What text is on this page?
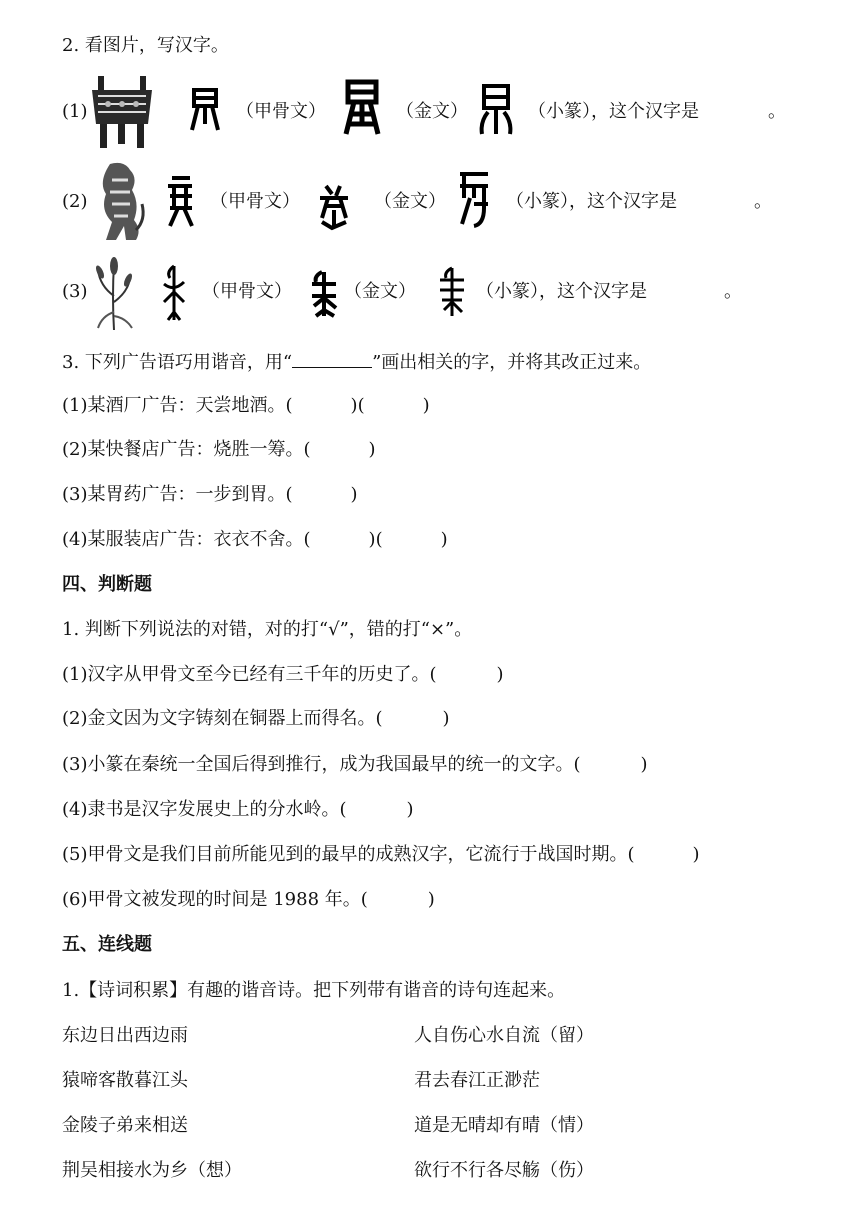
2. 看图片，写汉字。
(1)	（甲骨文）	（金文）	（小篆），这个汉字是	。
(2)	（甲骨文）	（金文）	（小篆），这个汉字是	。
(3)	（甲骨文）	（金文）	（小篆），这个汉字是	。
3. 下列广告语巧用谐音，用“	”画出相关的字，并将其改正过来。
(1)某酒厂广告：天尝地酒。(	)(	)
(2)某快餐店广告：烧胜一筹。(	)
(3)某胃药广告：一步到胃。(	)
(4)某服装店广告：衣衣不舍。(	)(	)
四、判断题
1. 判断下列说法的对错，对的打“√”，错的打“×”。
(1)汉字从甲骨文至今已经有三千年的历史了。(	)
(2)金文因为文字铸刻在铜器上而得名。(	)
(3)小篆在秦统一全国后得到推行，成为我国最早的统一的文字。(	)
(4)隶书是汉字发展史上的分水岭。(	)
(5)甲骨文是我们目前所能见到的最早的成熟汉字，它流行于战国时期。(	)
(6)甲骨文被发现的时间是 1988 年。(	)
五、连线题
1.【诗词积累】有趣的谐音诗。把下列带有谐音的诗句连起来。
东边日出西边雨	人自伤心水自流（留）
猿啼客散暮江头	君去春江正渺茫
金陵子弟来相送	道是无晴却有晴（情）
荆吴相接水为乡（想）	欲行不行各尽觞（伤）
